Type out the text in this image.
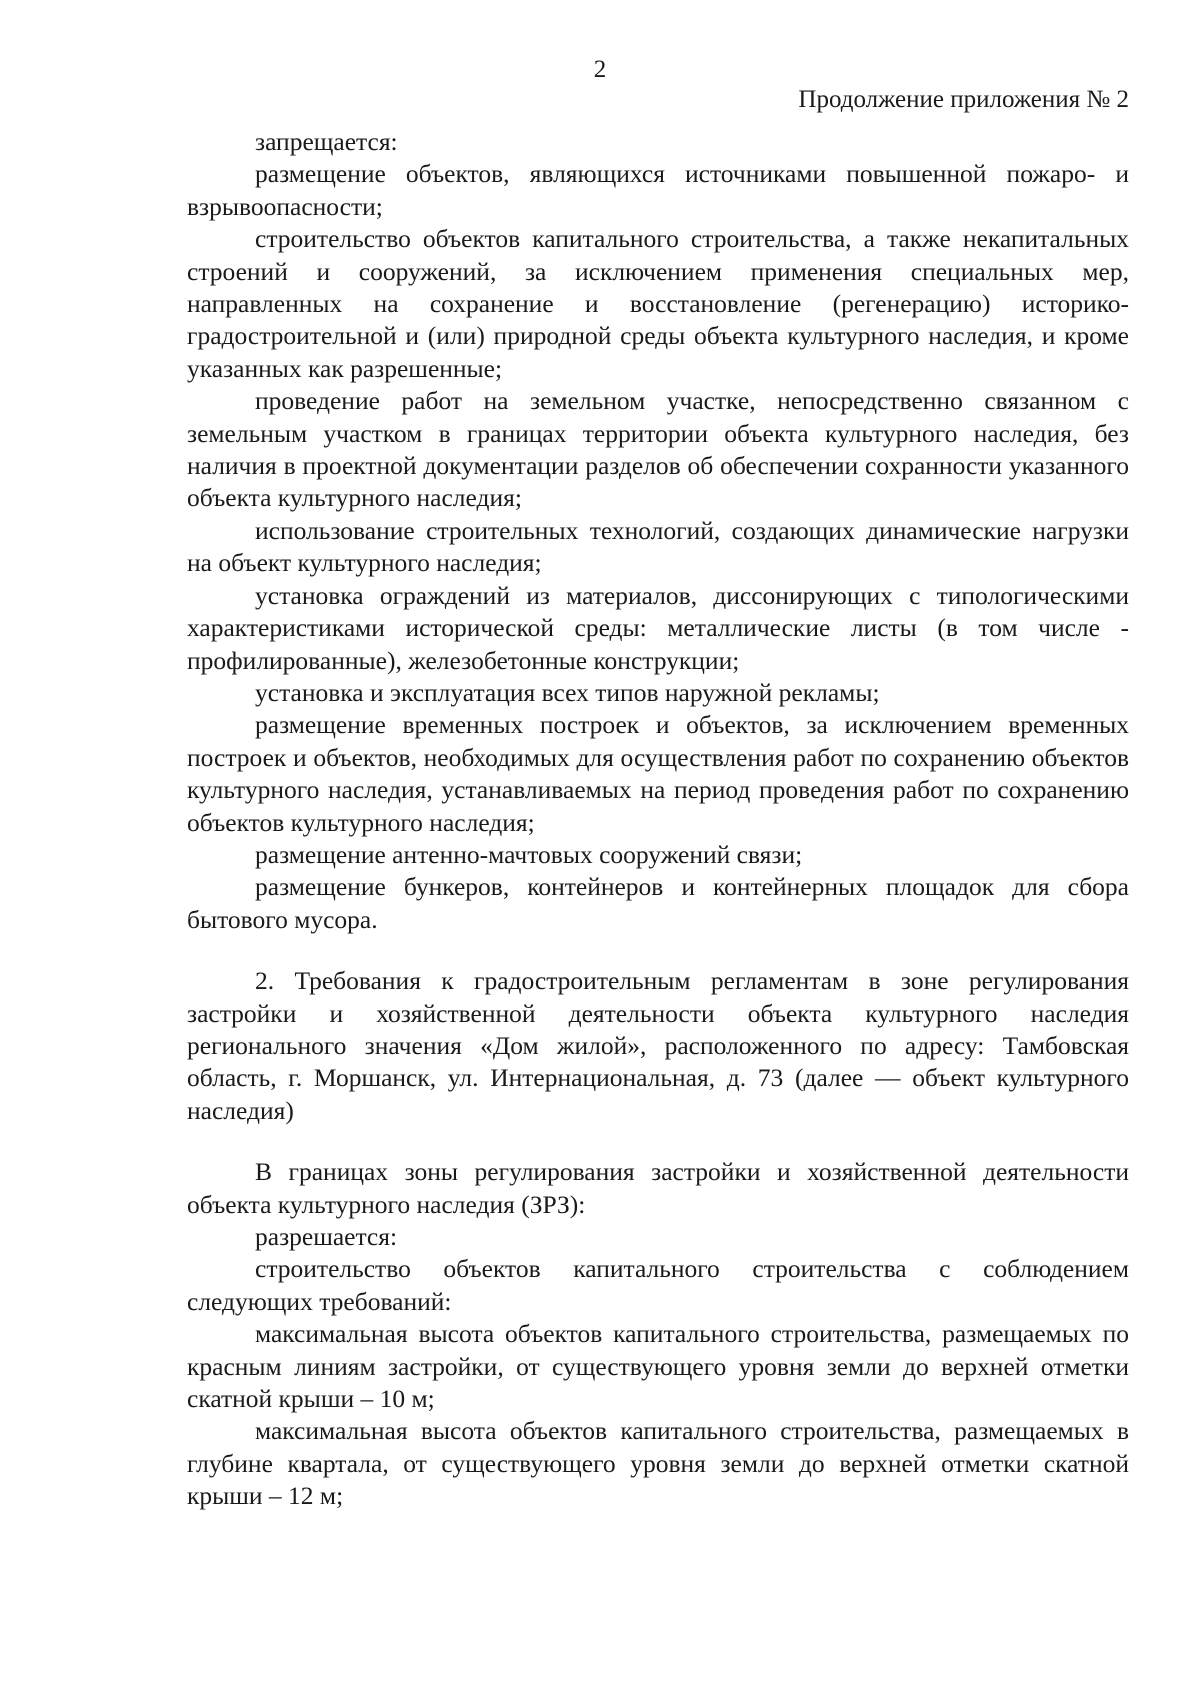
2
Продолжение приложения № 2

запрещается:

размещение объектов, являющихся источниками повышенной пожаро- и взрывоопасности;

строительство объектов капитального строительства, а также некапитальных строений и сооружений, за исключением применения специальных мер, направленных на сохранение и восстановление (регенерацию) историко-градостроительной и (или) природной среды объекта культурного наследия, и кроме указанных как разрешенные;

проведение работ на земельном участке, непосредственно связанном с земельным участком в границах территории объекта культурного наследия, без наличия в проектной документации разделов об обеспечении сохранности указанного объекта культурного наследия;

использование строительных технологий, создающих динамические нагрузки на объект культурного наследия;

установка ограждений из материалов, диссонирующих с типологическими характеристиками исторической среды: металлические листы (в том числе - профилированные), железобетонные конструкции;

установка и эксплуатация всех типов наружной рекламы;

размещение временных построек и объектов, за исключением временных построек и объектов, необходимых для осуществления работ по сохранению объектов культурного наследия, устанавливаемых на период проведения работ по сохранению объектов культурного наследия;

размещение антенно-мачтовых сооружений связи;

размещение бункеров, контейнеров и контейнерных площадок для сбора бытового мусора.

2. Требования к градостроительным регламентам в зоне регулирования застройки и хозяйственной деятельности объекта культурного наследия регионального значения «Дом жилой», расположенного по адресу: Тамбовская область, г. Моршанск, ул. Интернациональная, д. 73 (далее — объект культурного наследия)

В границах зоны регулирования застройки и хозяйственной деятельности объекта культурного наследия (ЗРЗ):

разрешается:

строительство объектов капитального строительства с соблюдением следующих требований:

максимальная высота объектов капитального строительства, размещаемых по красным линиям застройки, от существующего уровня земли до верхней отметки скатной крыши – 10 м;

максимальная высота объектов капитального строительства, размещаемых в глубине квартала, от существующего уровня земли до верхней отметки скатной крыши – 12 м;
